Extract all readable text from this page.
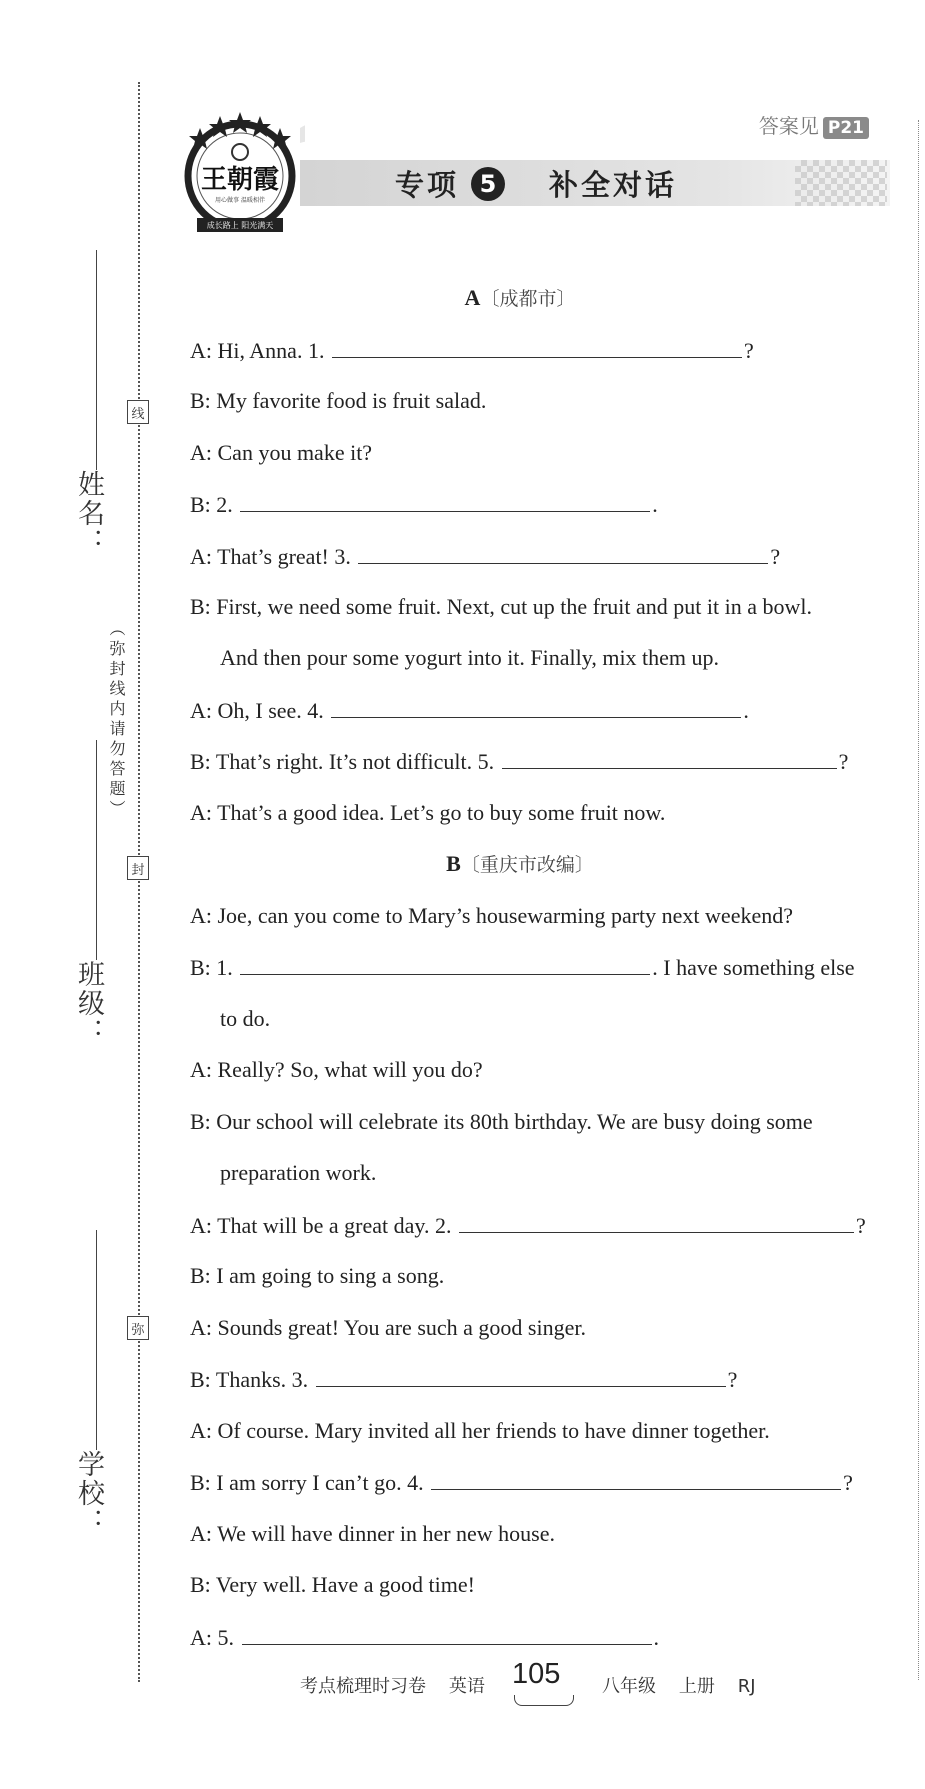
姓名：
（弥封线内请勿答题）
班级：
学校：
线
封
弥
答案见 P21
王朝霞
用心做事 温暖相伴
成长路上 阳光满天
专项 5 补全对话
A〔成都市〕
A: Hi, Anna. 1.	?
B: My favorite food is fruit salad.
A: Can you make it?
B: 2.	.
A: That’s great! 3.	?
B: First, we need some fruit. Next, cut up the fruit and put it in a bowl.
And then pour some yogurt into it. Finally, mix them up.
A: Oh, I see. 4.	.
B: That’s right. It’s not difficult. 5.	?
A: That’s a good idea. Let’s go to buy some fruit now.
B〔重庆市改编〕
A: Joe, can you come to Mary’s housewarming party next weekend?
B: 1.	. I have something else
to do.
A: Really? So, what will you do?
B: Our school will celebrate its 80th birthday. We are busy doing some
preparation work.
A: That will be a great day. 2.	?
B: I am going to sing a song.
A: Sounds great! You are such a good singer.
B: Thanks. 3.	?
A: Of course. Mary invited all her friends to have dinner together.
B: I am sorry I can’t go. 4.	?
A: We will have dinner in her new house.
B: Very well. Have a good time!
A: 5.	.
考点梳理时习卷 英语 105 八年级 上册 RJ
